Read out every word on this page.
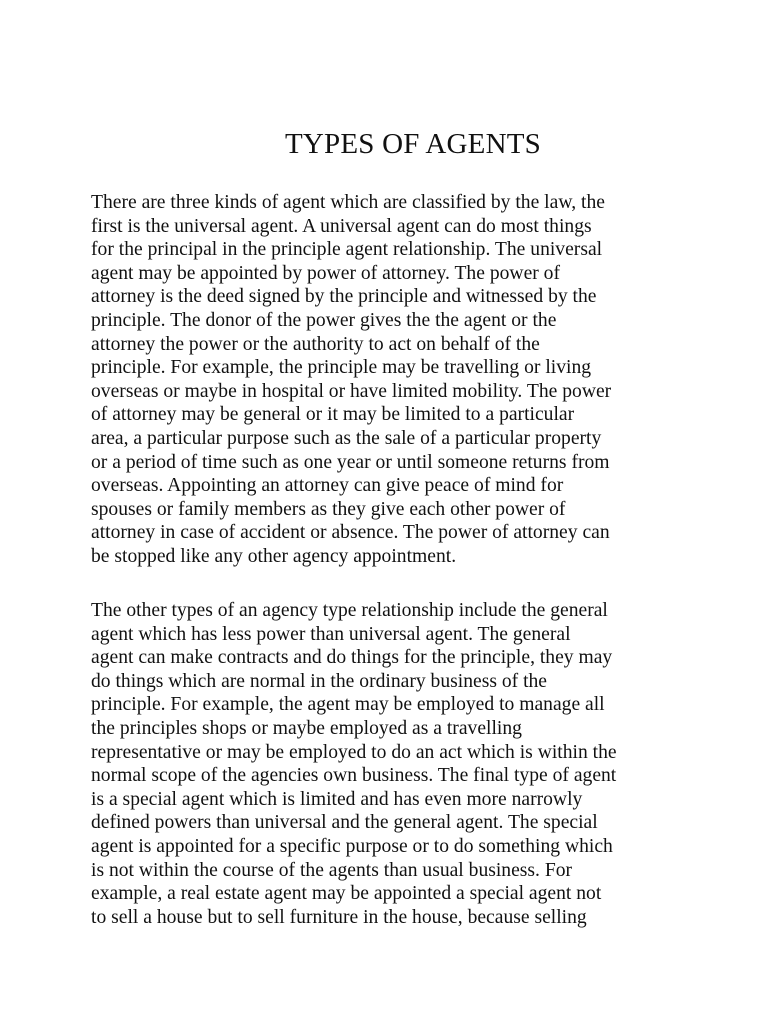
TYPES OF AGENTS
There are three kinds of agent which are classified by the law, the
first is the universal agent. A universal agent can do most things
for the principal in the principle agent relationship. The universal
agent may be appointed by power of attorney. The power of
attorney is the deed signed by the principle and witnessed by the
principle. The donor of the power gives the the agent or the
attorney the power or the authority to act on behalf of the
principle. For example, the principle may be travelling or living
overseas or maybe in hospital or have limited mobility. The power
of attorney may be general or it may be limited to a particular
area, a particular purpose such as the sale of a particular property
or a period of time such as one year or until someone returns from
overseas. Appointing an attorney can give peace of mind for
spouses or family members as they give each other power of
attorney in case of accident or absence. The power of attorney can
be stopped like any other agency appointment.
The other types of an agency type relationship include the general
agent which has less power than universal agent. The general
agent can make contracts and do things for the principle, they may
do things which are normal in the ordinary business of the
principle. For example, the agent may be employed to manage all
the principles shops or maybe employed as a travelling
representative or may be employed to do an act which is within the
normal scope of the agencies own business. The final type of agent
is a special agent which is limited and has even more narrowly
defined powers than universal and the general agent. The special
agent is appointed for a specific purpose or to do something which
is not within the course of the agents than usual business. For
example, a real estate agent may be appointed a special agent not
to sell a house but to sell furniture in the house, because selling
